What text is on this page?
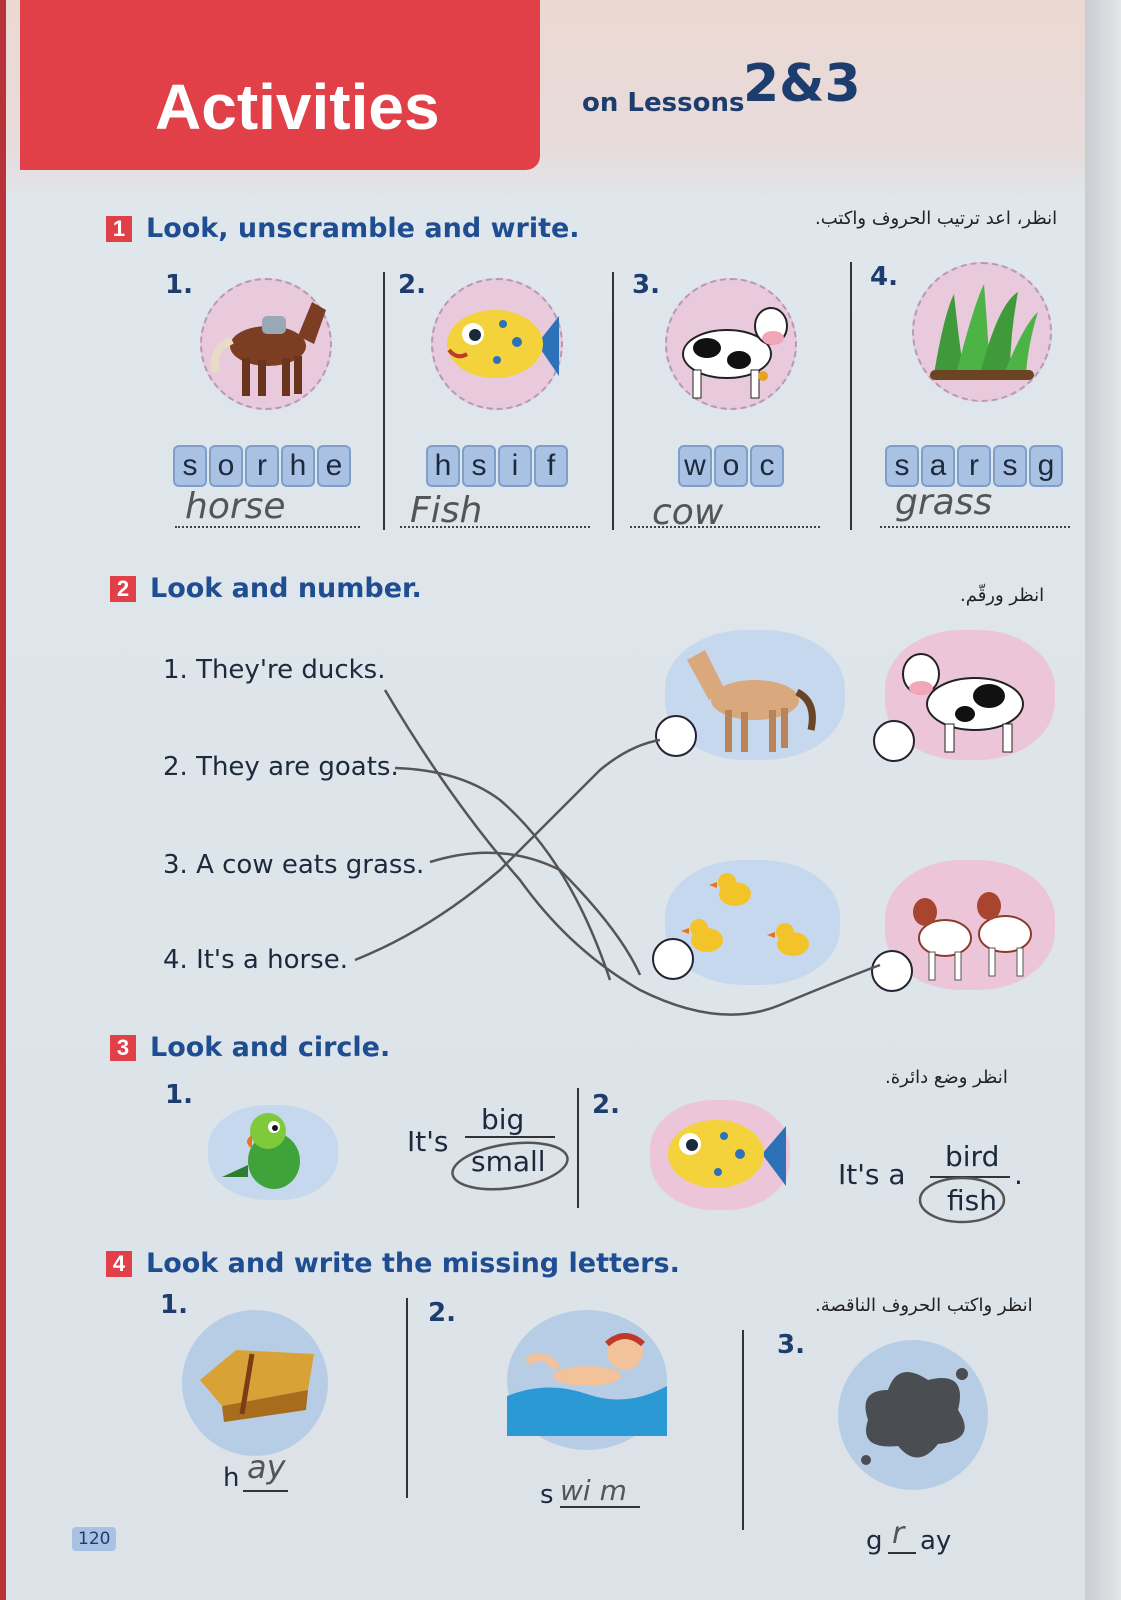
Activities	on Lessons
2&3
1 Look, unscramble and write.	انظر، اعد ترتيب الحروف واكتب.
1.	2.	3.	4.
s o r h e	h s i f	w o c	s a r s g
horse	Fish	cow	grass
2 Look and number.	انظر ورقّم.
1. They're ducks.
2. They are goats.
3. A cow eats grass.
4. It's a horse.
3 Look and circle.
انظر وضع دائرة.
1.	2.
It's
big
small	It's a
bird
fish
.
4 Look and write the missing letters.
انظر واكتب الحروف الناقصة.
1.	2.
3.
h ay
s wi m
g r ay
120
